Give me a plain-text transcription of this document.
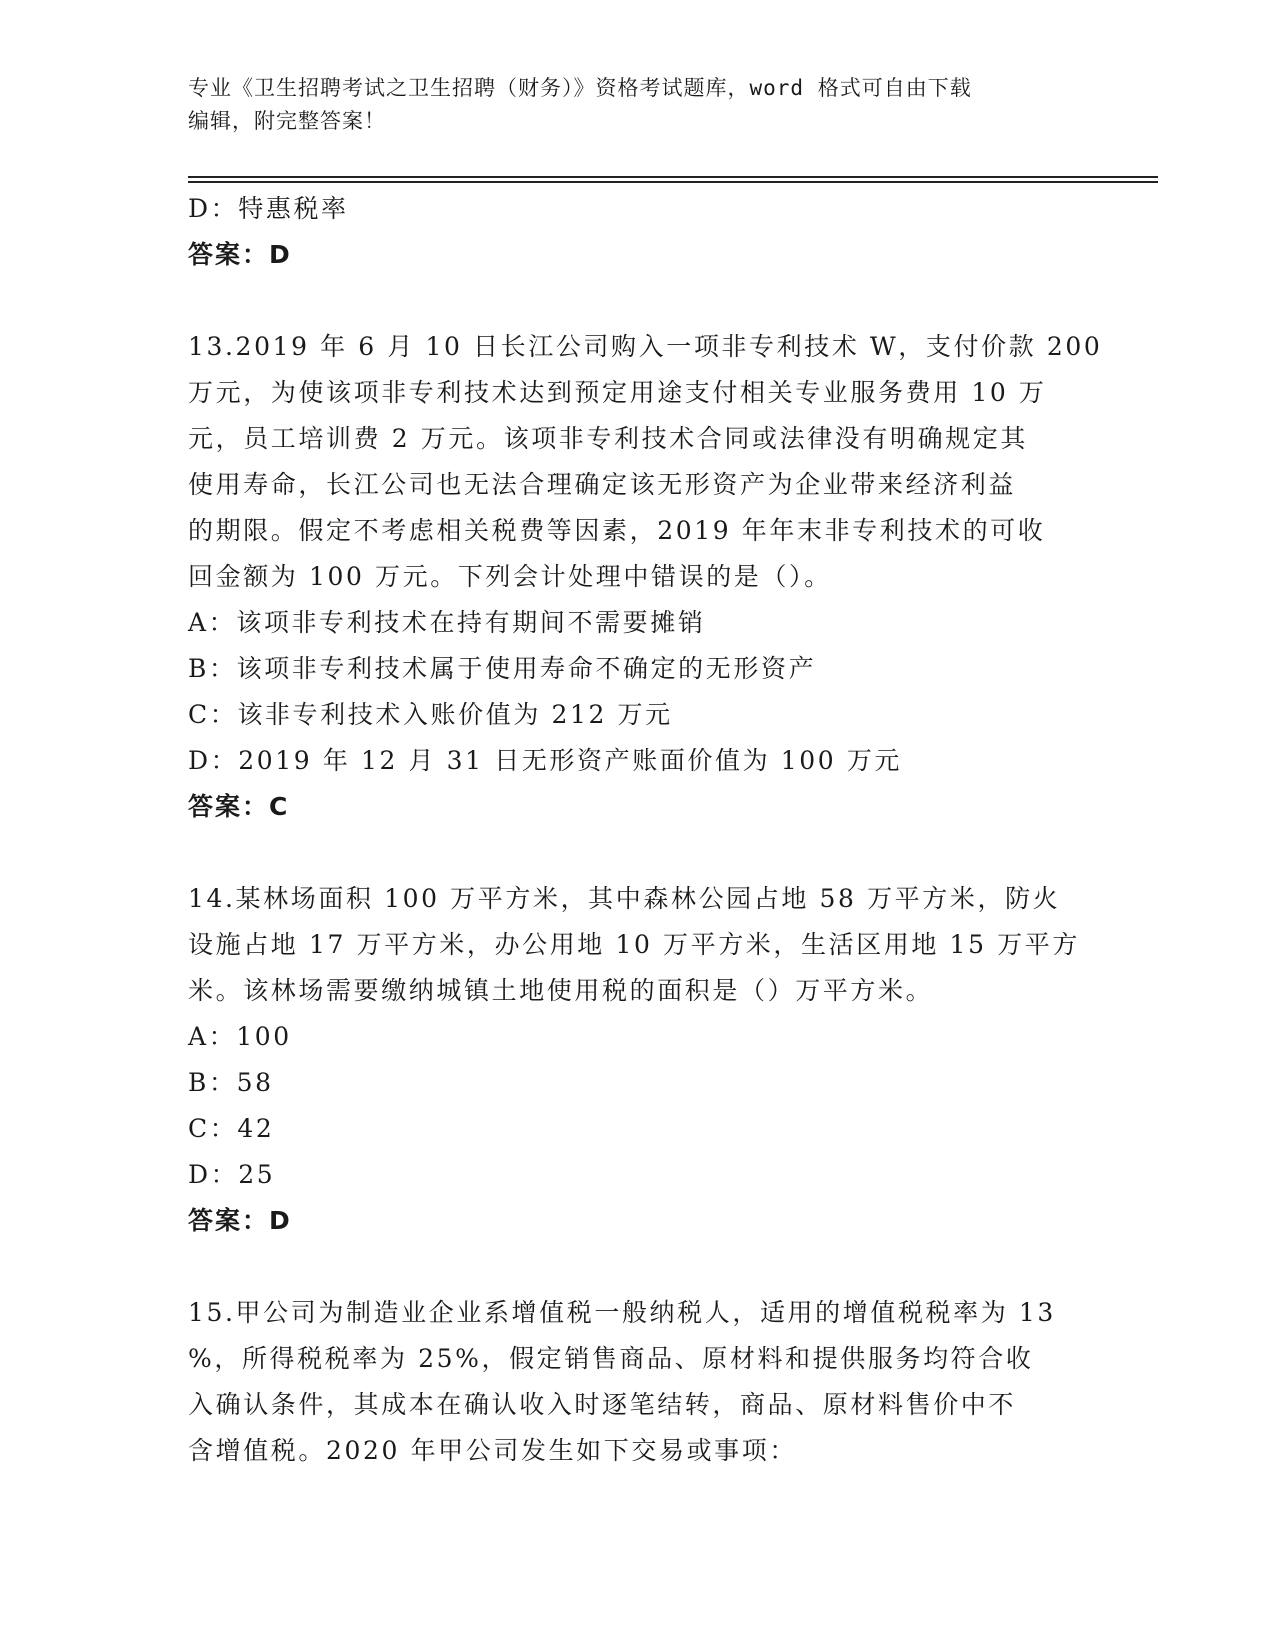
专业《卫生招聘考试之卫生招聘（财务）》资格考试题库，word 格式可自由下载
编辑，附完整答案！
D：特惠税率
答案：D
13.2019 年 6 月 10 日长江公司购入一项非专利技术 W，支付价款 200
万元，为使该项非专利技术达到预定用途支付相关专业服务费用 10 万
元，员工培训费 2 万元。该项非专利技术合同或法律没有明确规定其
使用寿命，长江公司也无法合理确定该无形资产为企业带来经济利益
的期限。假定不考虑相关税费等因素，2019 年年末非专利技术的可收
回金额为 100 万元。下列会计处理中错误的是（）。
A：该项非专利技术在持有期间不需要摊销
B：该项非专利技术属于使用寿命不确定的无形资产
C：该非专利技术入账价值为 212 万元
D：2019 年 12 月 31 日无形资产账面价值为 100 万元
答案：C
14.某林场面积 100 万平方米，其中森林公园占地 58 万平方米，防火
设施占地 17 万平方米，办公用地 10 万平方米，生活区用地 15 万平方
米。该林场需要缴纳城镇土地使用税的面积是（）万平方米。
A：100
B：58
C：42
D：25
答案：D
15.甲公司为制造业企业系增值税一般纳税人，适用的增值税税率为 13
%，所得税税率为 25%，假定销售商品、原材料和提供服务均符合收
入确认条件，其成本在确认收入时逐笔结转，商品、原材料售价中不
含增值税。2020 年甲公司发生如下交易或事项：
